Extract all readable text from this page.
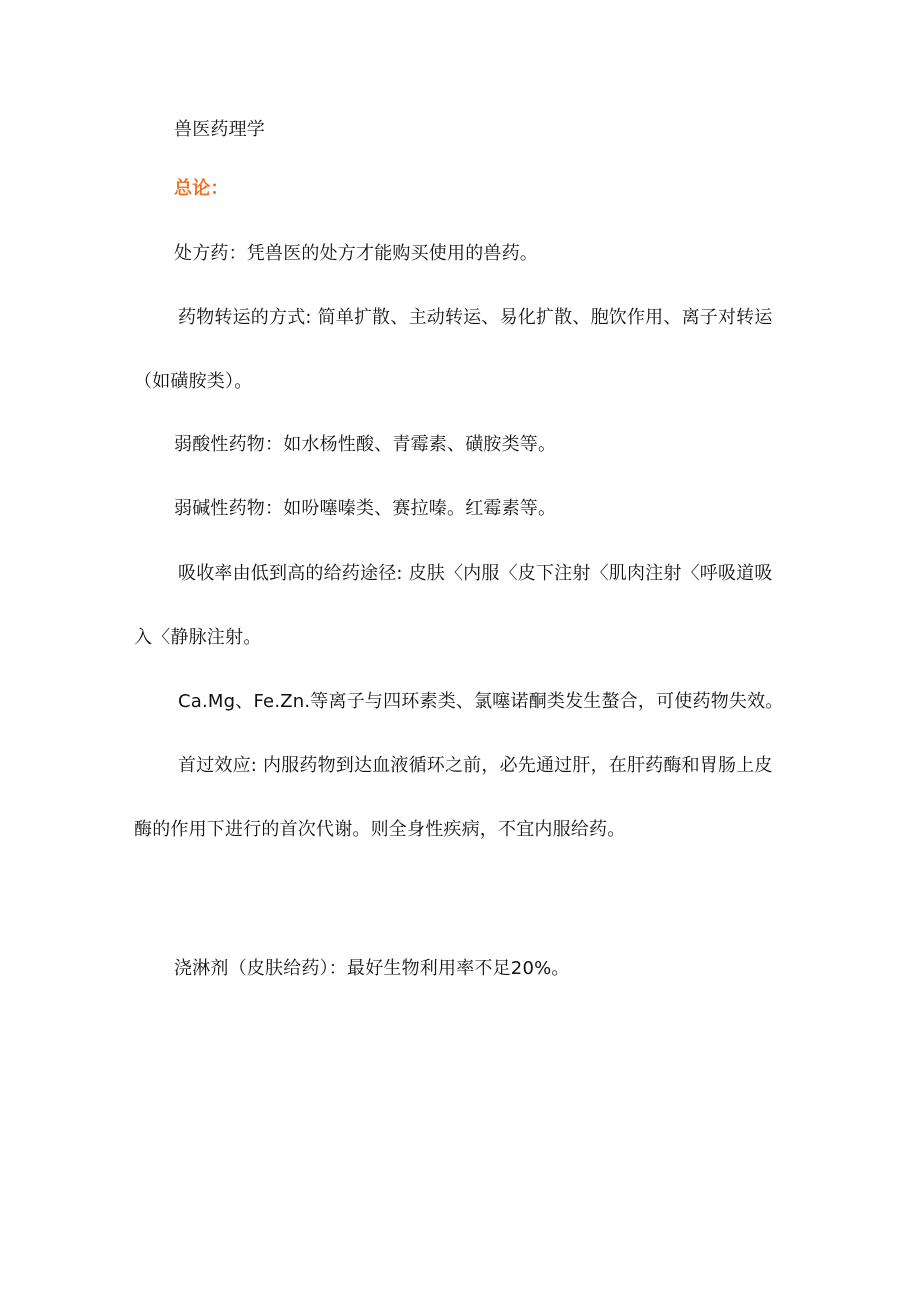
兽医药理学
总论：
处方药：凭兽医的处方才能购买使用的兽药。
药物转运的方式: 简单扩散、主动转运、易化扩散、胞饮作用、离子对转运
（如磺胺类）。
弱酸性药物：如水杨性酸、青霉素、磺胺类等。
弱碱性药物：如吩噻嗪类、赛拉嗪。红霉素等。
吸收率由低到高的给药途径: 皮肤〈内服〈皮下注射〈肌肉注射〈呼吸道吸
入〈静脉注射。
Ca.Mg、Fe.Zn.等离子与四环素类、氯噻诺酮类发生螯合，可使药物失效。
首过效应: 内服药物到达血液循环之前，必先通过肝，在肝药酶和胃肠上皮
酶的作用下进行的首次代谢。则全身性疾病，不宜内服给药。
浇淋剂（皮肤给药）：最好生物利用率不足20%。
